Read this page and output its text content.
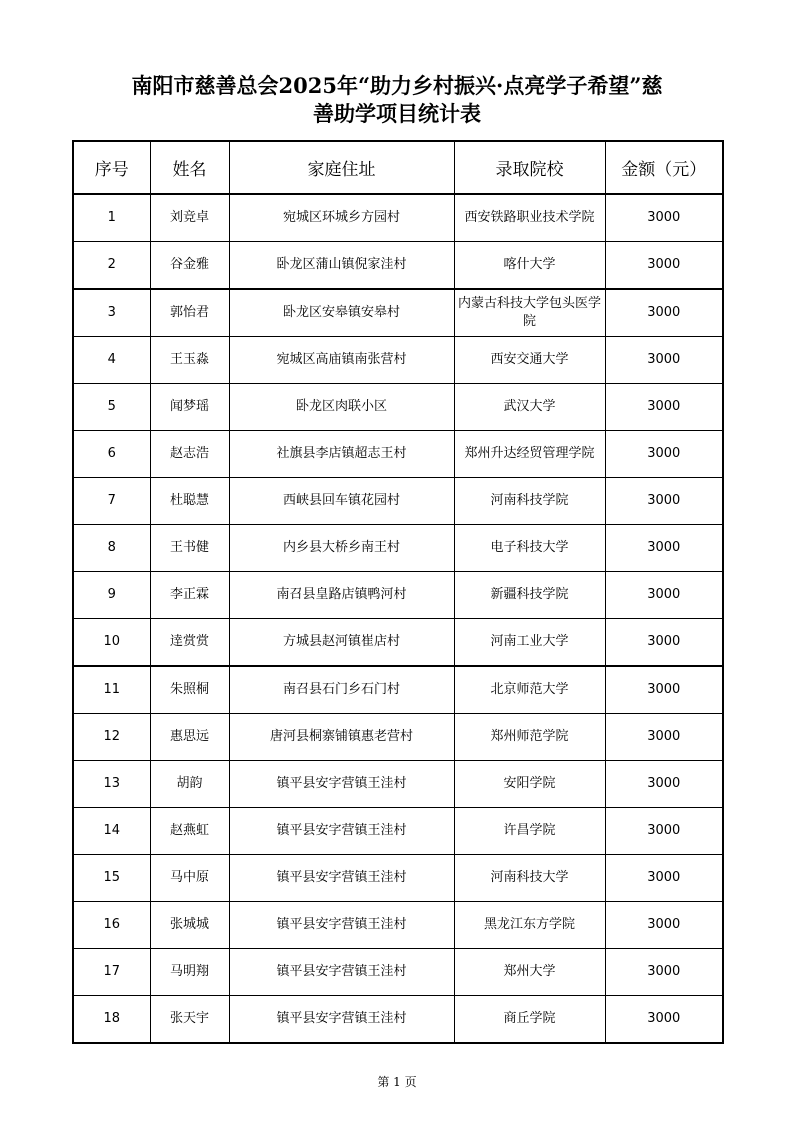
南阳市慈善总会2025年“助力乡村振兴·点亮学子希望”慈
善助学项目统计表
序号	姓名	家庭住址	录取院校	金额（元）
1	刘竞卓	宛城区环城乡方园村	西安铁路职业技术学院	3000
2	谷金雅	卧龙区蒲山镇倪家洼村	喀什大学	3000
3	郭怡君	卧龙区安皋镇安皋村	内蒙古科技大学包头医学院	3000
4	王玉淼	宛城区高庙镇南张营村	西安交通大学	3000
5	闻梦瑶	卧龙区肉联小区	武汉大学	3000
6	赵志浩	社旗县李店镇超志王村	郑州升达经贸管理学院	3000
7	杜聪慧	西峡县回车镇花园村	河南科技学院	3000
8	王书健	内乡县大桥乡南王村	电子科技大学	3000
9	李正霖	南召县皇路店镇鸭河村	新疆科技学院	3000
10	逹赏赏	方城县赵河镇崔店村	河南工业大学	3000
11	朱照桐	南召县石门乡石门村	北京师范大学	3000
12	惠思远	唐河县桐寨铺镇惠老营村	郑州师范学院	3000
13	胡韵	镇平县安字营镇王洼村	安阳学院	3000
14	赵燕虹	镇平县安字营镇王洼村	许昌学院	3000
15	马中原	镇平县安字营镇王洼村	河南科技大学	3000
16	张城城	镇平县安字营镇王洼村	黑龙江东方学院	3000
17	马明翔	镇平县安字营镇王洼村	郑州大学	3000
18	张天宇	镇平县安字营镇王洼村	商丘学院	3000
第 1 页
